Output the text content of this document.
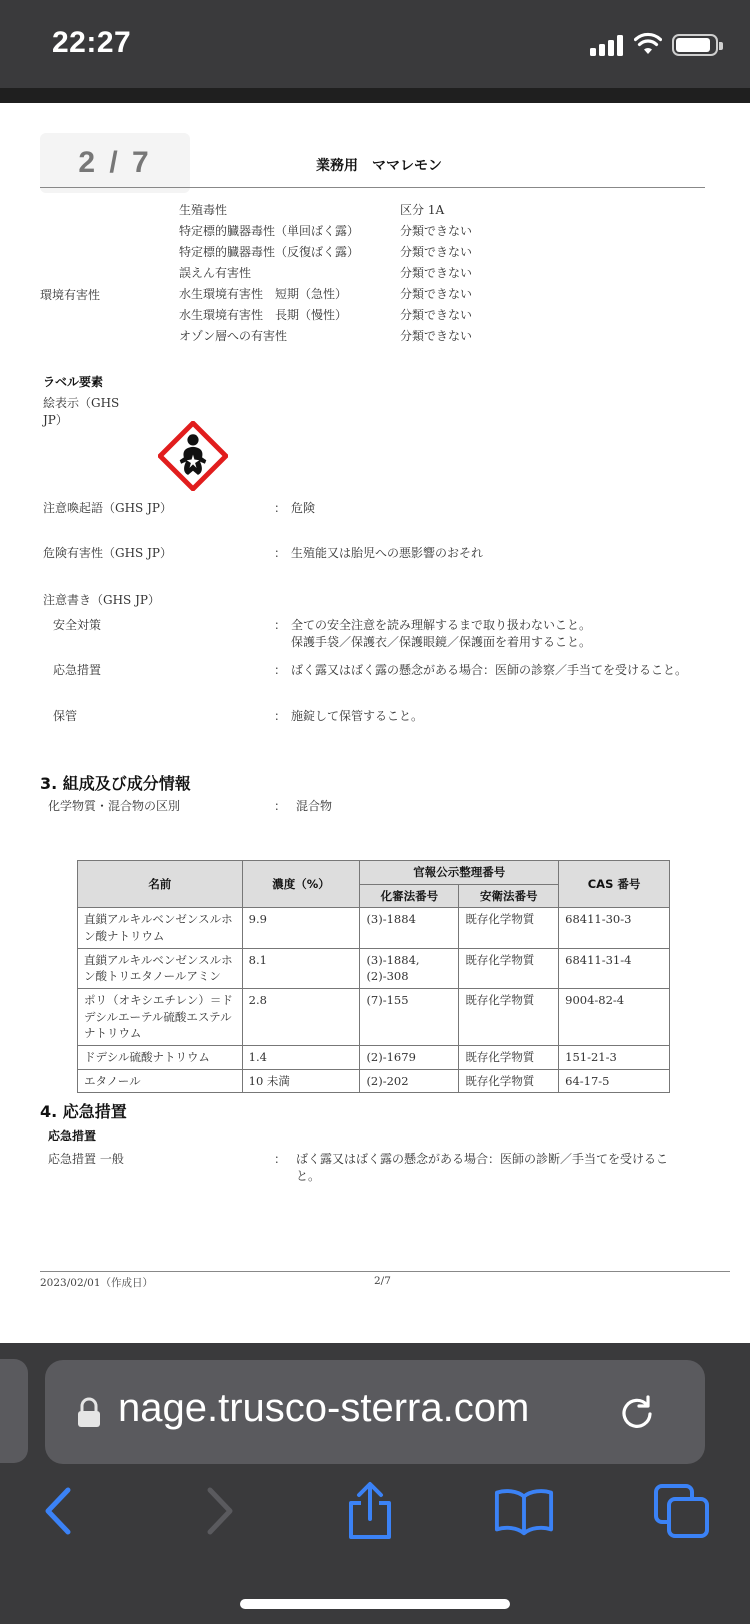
22:27
2 / 7	業務用　ママレモン
生殖毒性	区分 1A
特定標的臓器毒性（単回ばく露）	分類できない
特定標的臓器毒性（反復ばく露）	分類できない
誤えん有害性	分類できない
環境有害性	水生環境有害性　短期（急性）	分類できない
水生環境有害性　長期（慢性）	分類できない
オゾン層への有害性	分類できない
ラベル要素
絵表示（GHS
JP）
注意喚起語（GHS JP）	： 危険
危険有害性（GHS JP）	： 生殖能又は胎児への悪影響のおそれ
注意書き（GHS JP）
安全対策	： 全ての安全注意を読み理解するまで取り扱わないこと。
保護手袋／保護衣／保護眼鏡／保護面を着用すること。
応急措置	： ばく露又はばく露の懸念がある場合：医師の診察／手当てを受けること。
保管	： 施錠して保管すること。
3. 組成及び成分情報
化学物質・混合物の区別	： 混合物
名前	濃度（%）	官報公示整理番号		CAS 番号
		化審法番号	安衛法番号	
直鎖アルキルベンゼンスルホン酸ナトリウム	9.9	(3)-1884	既存化学物質	68411-30-3
直鎖アルキルベンゼンスルホン酸トリエタノールアミン	8.1	(3)-1884, (2)-308	既存化学物質	68411-31-4
ポリ（オキシエチレン）＝ドデシルエーテル硫酸エステルナトリウム	2.8	(7)-155	既存化学物質	9004-82-4
ドデシル硫酸ナトリウム	1.4	(2)-1679	既存化学物質	151-21-3
エタノール	10 未満	(2)-202	既存化学物質	64-17-5
4. 応急措置
応急措置
応急措置 一般	： ばく露又はばく露の懸念がある場合：医師の診断／手当てを受けるこ
と。
2023/02/01（作成日）	2/7
nage.trusco-sterra.com
